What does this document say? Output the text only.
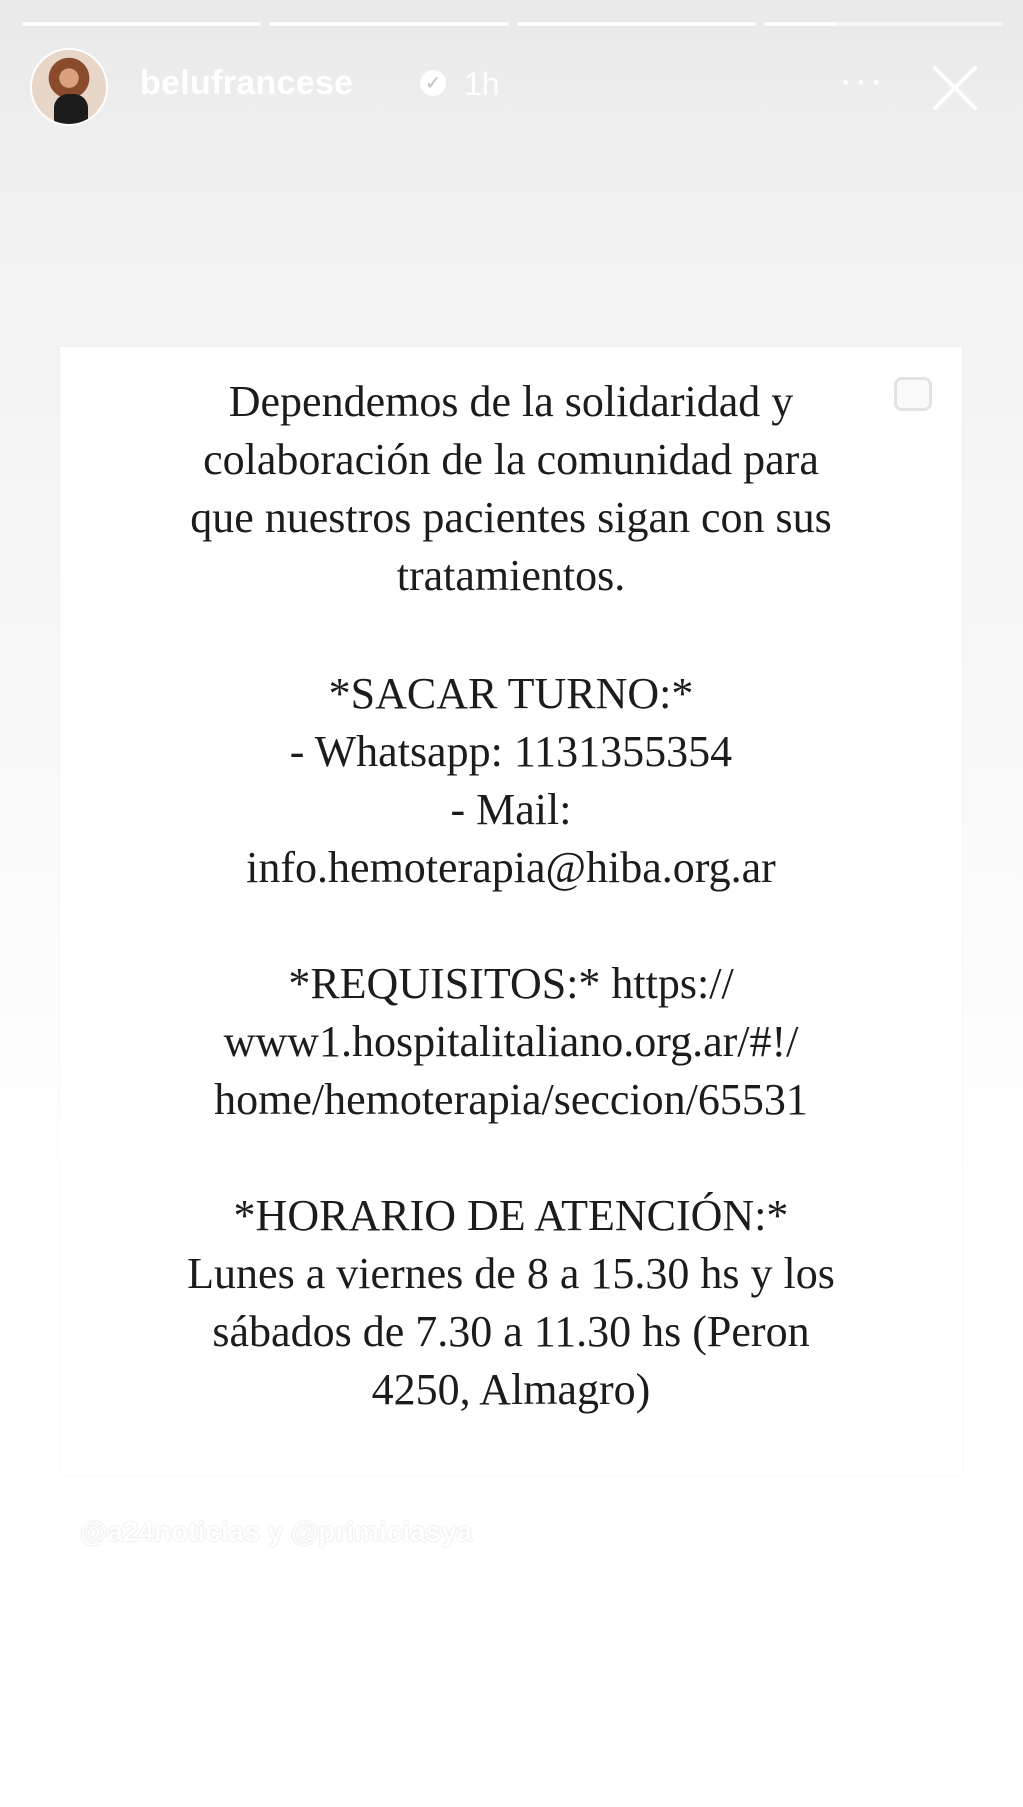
belufrancese	✓ 1h	···

Dependemos de la solidaridad y
colaboración de la comunidad para
que nuestros pacientes sigan con sus
tratamientos.

*SACAR TURNO:*

- Whatsapp: 1131355354

- Mail:

info.hemoterapia@hiba.org.ar

*REQUISITOS:* https://
www1.hospitalitaliano.org.ar/#!/
home/hemoterapia/seccion/65531

*HORARIO DE ATENCIÓN:*

Lunes a viernes de 8 a 15.30 hs y los
sábados de 7.30 a 11.30 hs (Peron
4250, Almagro)

@a24noticias y @primiciasya
